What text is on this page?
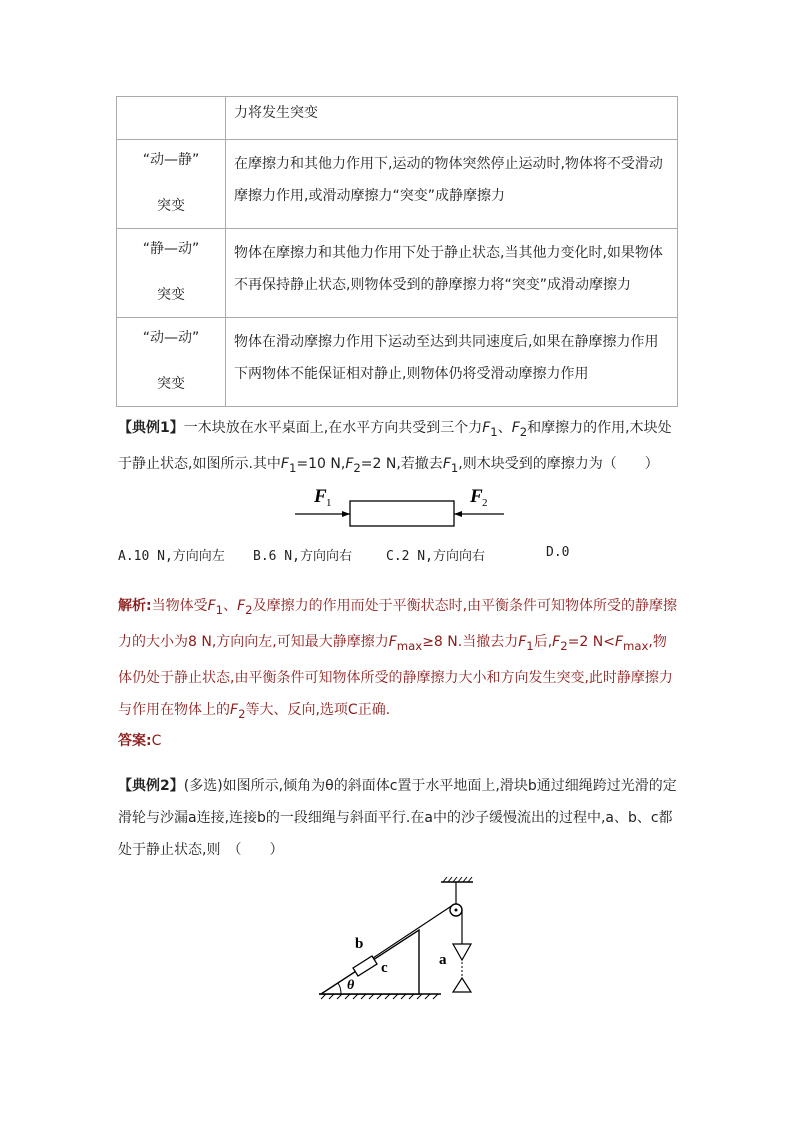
	力将发生突变

“动—静”
突变	在摩擦力和其他力作用下,运动的物体突然停止运动时,物体将不受滑动摩擦力作用,或滑动摩擦力“突变”成静摩擦力

“静—动”
突变	物体在摩擦力和其他力作用下处于静止状态,当其他力变化时,如果物体不再保持静止状态,则物体受到的静摩擦力将“突变”成滑动摩擦力

“动—动”
突变	物体在滑动摩擦力作用下运动至达到共同速度后,如果在静摩擦力作用下两物体不能保证相对静止,则物体仍将受滑动摩擦力作用
【典例1】一木块放在水平桌面上,在水平方向共受到三个力$F_1$、$F_2$和摩擦力的作用,木块处于静止状态,如图所示.其中$F_1=10$ $N,F_2=2$ N,若撤去$F_1$,则木块受到的摩擦力为（　　）
F 1	F 2
A.10 N,方向向左 B.6 N,方向向右	C.2 N,方向向右	D.0
解析:当物体受$F_1$、$F_2$及摩擦力的作用而处于平衡状态时,由平衡条件可知物体所受的静摩擦力的大小为8 N,方向向左,可知最大静摩擦力$F_{max}\ge 8$ N.当撤去力$F_1$后$,F_2=2$ $N<F_{max}$,物体仍处于静止状态,由平衡条件可知物体所受的静摩擦力大小和方向发生突变,此时静摩擦力与作用在物体上的$F_2$等大、反向,选项C正确.
答案:C
【典例2】(多选)如图所示,倾角为θ的斜面体c置于水平地面上,滑块b通过细绳跨过光滑的定滑轮与沙漏a连接,连接b的一段细绳与斜面平行.在a中的沙子缓慢流出的过程中,a、b、c都处于静止状态,则　（　　）
b
c	a
θ
